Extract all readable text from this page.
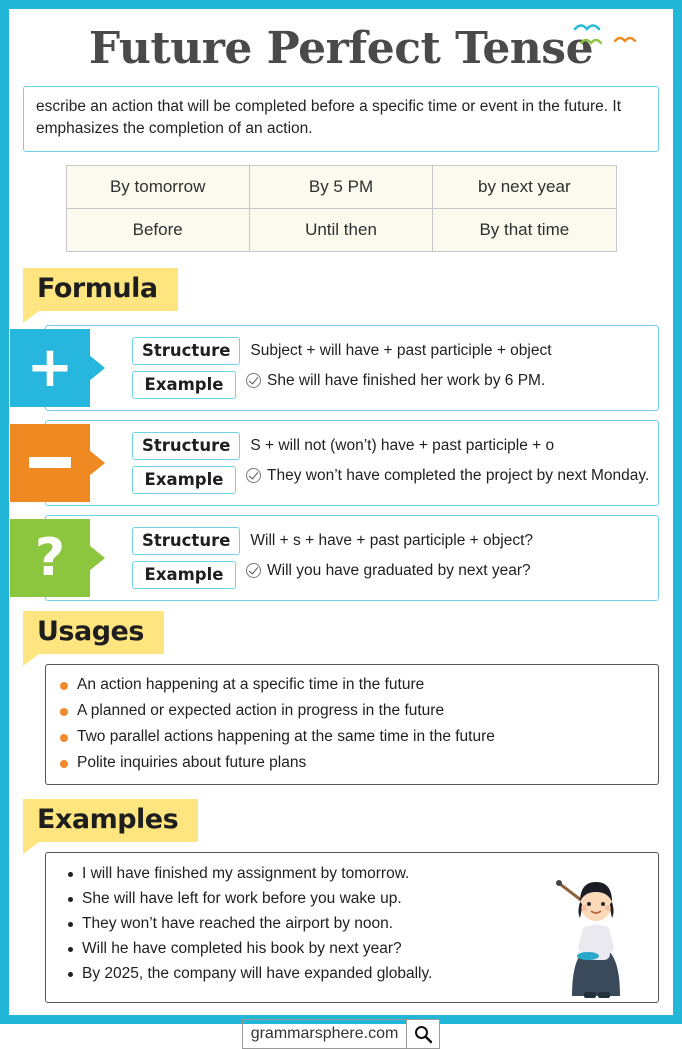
Future Perfect Tense
escribe an action that will be completed before a specific time or event in the future. It emphasizes the completion of an action.
By tomorrow	By 5 PM	by next year
Before	Until then	By that time
Formula
+	Structure	Subject + will have + past participle + object
Example	She will have finished her work by 6 PM.
Structure	S + will not (won’t) have + past participle + o
Example	They won’t have completed the project by next Monday.
?	Structure	Will + s + have + past participle + object?
Example	Will you have graduated by next year?
Usages
An action happening at a specific time in the future
A planned or expected action in progress in the future
Two parallel actions happening at the same time in the future
Polite inquiries about future plans
Examples
I will have finished my assignment by tomorrow.
She will have left for work before you wake up.
They won’t have reached the airport by noon.
Will he have completed his book by next year?
By 2025, the company will have expanded globally.
grammarsphere.com
